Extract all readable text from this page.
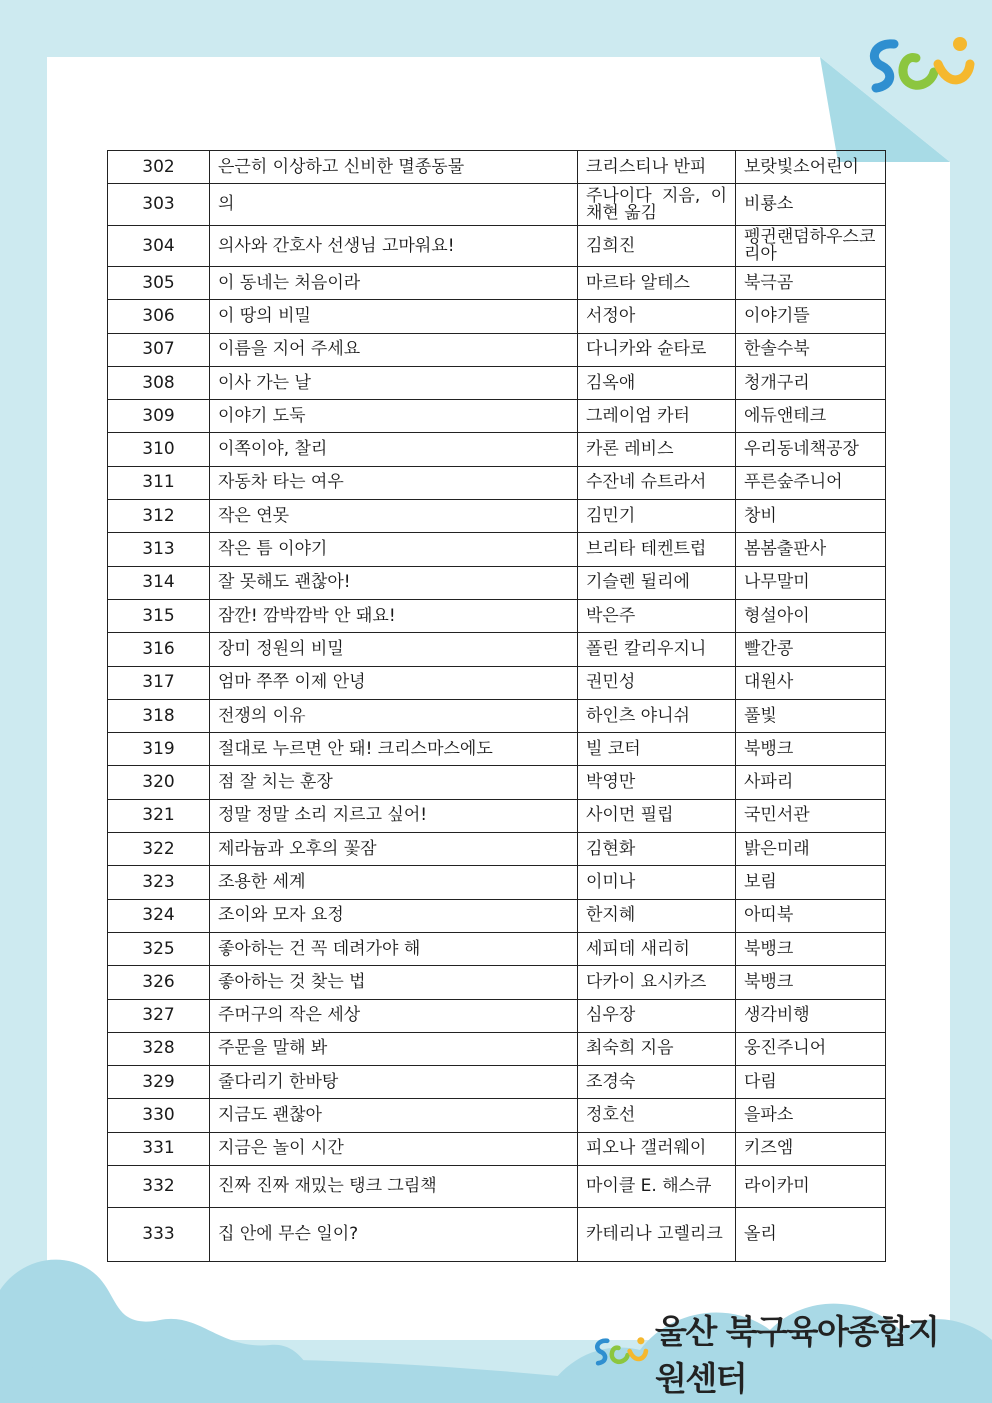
302	은근히 이상하고 신비한 멸종동물	크리스티나 반피	보랏빛소어린이
303	의	주나이다 지음, 이채현 옮김	비룡소
304	의사와 간호사 선생님 고마워요!	김희진	펭귄랜덤하우스코리아
305	이 동네는 처음이라	마르타 알테스	북극곰
306	이 땅의 비밀	서정아	이야기뜰
307	이름을 지어 주세요	다니카와 슌타로	한솔수북
308	이사 가는 날	김옥애	청개구리
309	이야기 도둑	그레이엄 카터	에듀앤테크
310	이쪽이야, 찰리	카론 레비스	우리동네책공장
311	자동차 타는 여우	수잔네 슈트라서	푸른숲주니어
312	작은 연못	김민기	창비
313	작은 틈 이야기	브리타 테켄트럽	봄봄출판사
314	잘 못해도 괜찮아!	기슬렌 뒬리에	나무말미
315	잠깐! 깜박깜박 안 돼요!	박은주	형설아이
316	장미 정원의 비밀	폴린 칼리우지니	빨간콩
317	엄마 쭈쭈 이제 안녕	권민성	대원사
318	전쟁의 이유	하인츠 야니쉬	풀빛
319	절대로 누르면 안 돼! 크리스마스에도	빌 코터	북뱅크
320	점 잘 치는 훈장	박영만	사파리
321	정말 정말 소리 지르고 싶어!	사이먼 필립	국민서관
322	제라늄과 오후의 꽃잠	김현화	밝은미래
323	조용한 세계	이미나	보림
324	조이와 모자 요정	한지혜	아띠북
325	좋아하는 건 꼭 데려가야 해	세피데 새리히	북뱅크
326	좋아하는 것 찾는 법	다카이 요시카즈	북뱅크
327	주머구의 작은 세상	심우장	생각비행
328	주문을 말해 봐	최숙희 지음	웅진주니어
329	줄다리기 한바탕	조경숙	다림
330	지금도 괜찮아	정호선	을파소
331	지금은 놀이 시간	피오나 갤러웨이	키즈엠
332	진짜 진짜 재밌는 탱크 그림책	마이클 E. 해스큐	라이카미
333	집 안에 무슨 일이?	카테리나 고렐리크	올리
울산 북구육아종합지원센터
